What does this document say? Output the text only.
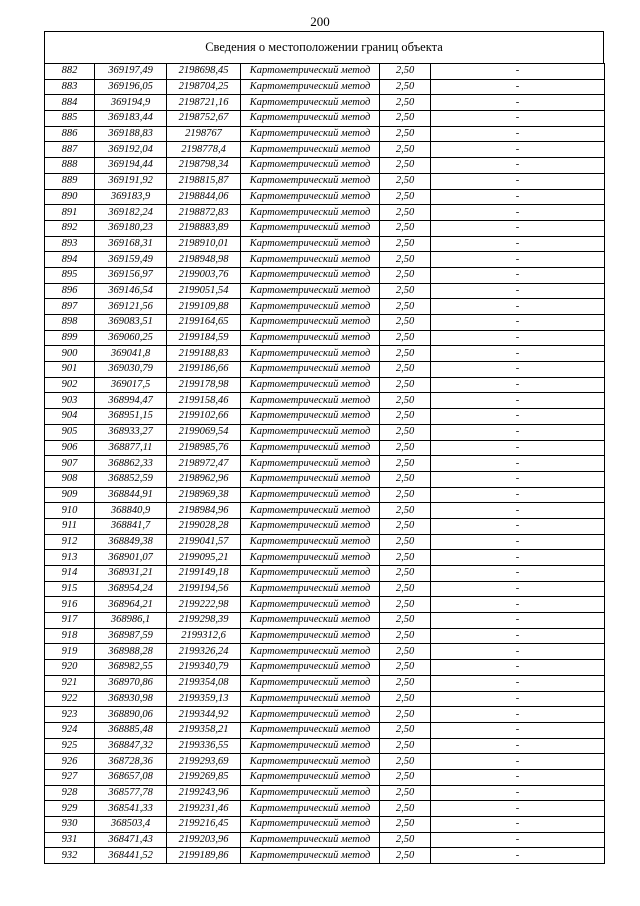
200
Сведения о местоположении границ объекта
882	369197,49	2198698,45	Картометрический метод	2,50	-
883	369196,05	2198704,25	Картометрический метод	2,50	-
884	369194,9	2198721,16	Картометрический метод	2,50	-
885	369183,44	2198752,67	Картометрический метод	2,50	-
886	369188,83	2198767	Картометрический метод	2,50	-
887	369192,04	2198778,4	Картометрический метод	2,50	-
888	369194,44	2198798,34	Картометрический метод	2,50	-
889	369191,92	2198815,87	Картометрический метод	2,50	-
890	369183,9	2198844,06	Картометрический метод	2,50	-
891	369182,24	2198872,83	Картометрический метод	2,50	-
892	369180,23	2198883,89	Картометрический метод	2,50	-
893	369168,31	2198910,01	Картометрический метод	2,50	-
894	369159,49	2198948,98	Картометрический метод	2,50	-
895	369156,97	2199003,76	Картометрический метод	2,50	-
896	369146,54	2199051,54	Картометрический метод	2,50	-
897	369121,56	2199109,88	Картометрический метод	2,50	-
898	369083,51	2199164,65	Картометрический метод	2,50	-
899	369060,25	2199184,59	Картометрический метод	2,50	-
900	369041,8	2199188,83	Картометрический метод	2,50	-
901	369030,79	2199186,66	Картометрический метод	2,50	-
902	369017,5	2199178,98	Картометрический метод	2,50	-
903	368994,47	2199158,46	Картометрический метод	2,50	-
904	368951,15	2199102,66	Картометрический метод	2,50	-
905	368933,27	2199069,54	Картометрический метод	2,50	-
906	368877,11	2198985,76	Картометрический метод	2,50	-
907	368862,33	2198972,47	Картометрический метод	2,50	-
908	368852,59	2198962,96	Картометрический метод	2,50	-
909	368844,91	2198969,38	Картометрический метод	2,50	-
910	368840,9	2198984,96	Картометрический метод	2,50	-
911	368841,7	2199028,28	Картометрический метод	2,50	-
912	368849,38	2199041,57	Картометрический метод	2,50	-
913	368901,07	2199095,21	Картометрический метод	2,50	-
914	368931,21	2199149,18	Картометрический метод	2,50	-
915	368954,24	2199194,56	Картометрический метод	2,50	-
916	368964,21	2199222,98	Картометрический метод	2,50	-
917	368986,1	2199298,39	Картометрический метод	2,50	-
918	368987,59	2199312,6	Картометрический метод	2,50	-
919	368988,28	2199326,24	Картометрический метод	2,50	-
920	368982,55	2199340,79	Картометрический метод	2,50	-
921	368970,86	2199354,08	Картометрический метод	2,50	-
922	368930,98	2199359,13	Картометрический метод	2,50	-
923	368890,06	2199344,92	Картометрический метод	2,50	-
924	368885,48	2199358,21	Картометрический метод	2,50	-
925	368847,32	2199336,55	Картометрический метод	2,50	-
926	368728,36	2199293,69	Картометрический метод	2,50	-
927	368657,08	2199269,85	Картометрический метод	2,50	-
928	368577,78	2199243,96	Картометрический метод	2,50	-
929	368541,33	2199231,46	Картометрический метод	2,50	-
930	368503,4	2199216,45	Картометрический метод	2,50	-
931	368471,43	2199203,96	Картометрический метод	2,50	-
932	368441,52	2199189,86	Картометрический метод	2,50	-
